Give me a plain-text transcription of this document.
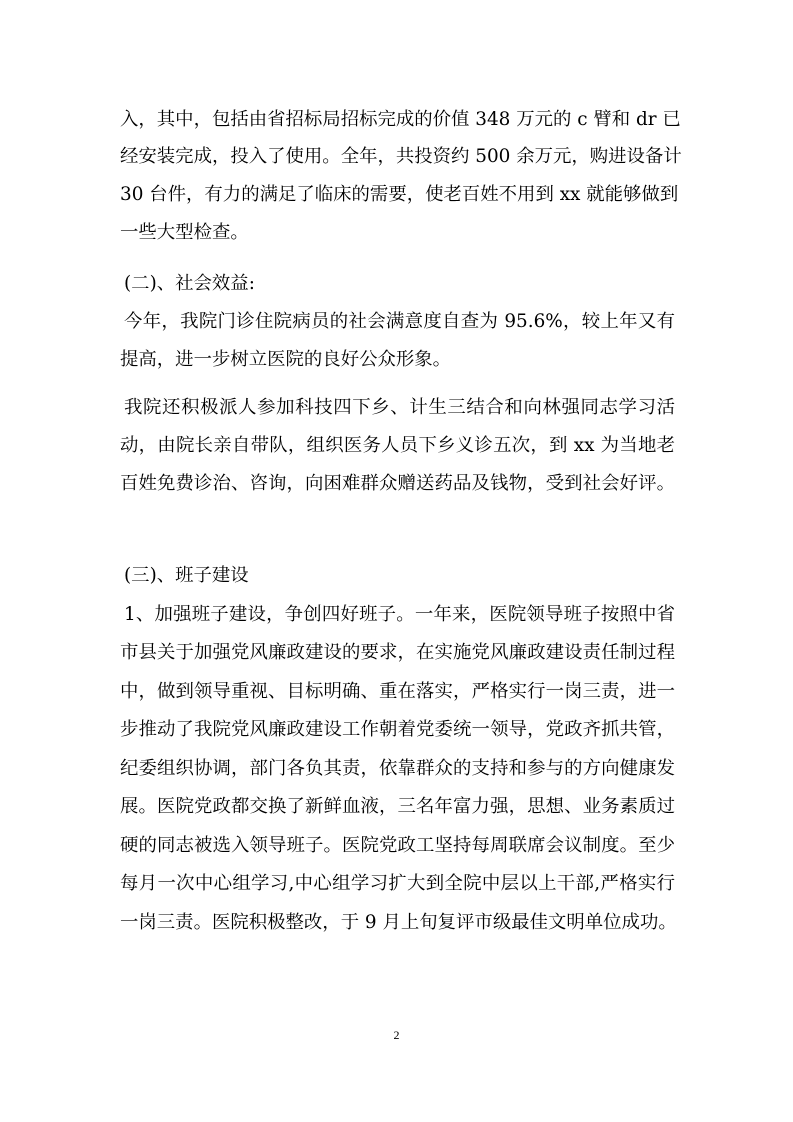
入，其中，包括由省招标局招标完成的价值 348 万元的 c 臂和 dr 已
经安装完成，投入了使用。全年，共投资约 500 余万元，购进设备计
30 台件，有力的满足了临床的需要，使老百姓不用到 xx 就能够做到
一些大型检查。
(二)、社会效益:
今年，我院门诊住院病员的社会满意度自查为 95.6%，较上年又有
提高，进一步树立医院的良好公众形象。
我院还积极派人参加科技四下乡、计生三结合和向林强同志学习活
动，由院长亲自带队，组织医务人员下乡义诊五次，到 xx 为当地老
百姓免费诊治、咨询，向困难群众赠送药品及钱物，受到社会好评。
(三)、班子建设
1、加强班子建设，争创四好班子。一年来，医院领导班子按照中省
市县关于加强党风廉政建设的要求，在实施党风廉政建设责任制过程
中，做到领导重视、目标明确、重在落实，严格实行一岗三责，进一
步推动了我院党风廉政建设工作朝着党委统一领导，党政齐抓共管，
纪委组织协调，部门各负其责，依靠群众的支持和参与的方向健康发
展。医院党政都交换了新鲜血液，三名年富力强，思想、业务素质过
硬的同志被选入领导班子。医院党政工坚持每周联席会议制度。至少
每月一次中心组学习,中心组学习扩大到全院中层以上干部,严格实行
一岗三责。医院积极整改，于 9 月上旬复评市级最佳文明单位成功。
2
